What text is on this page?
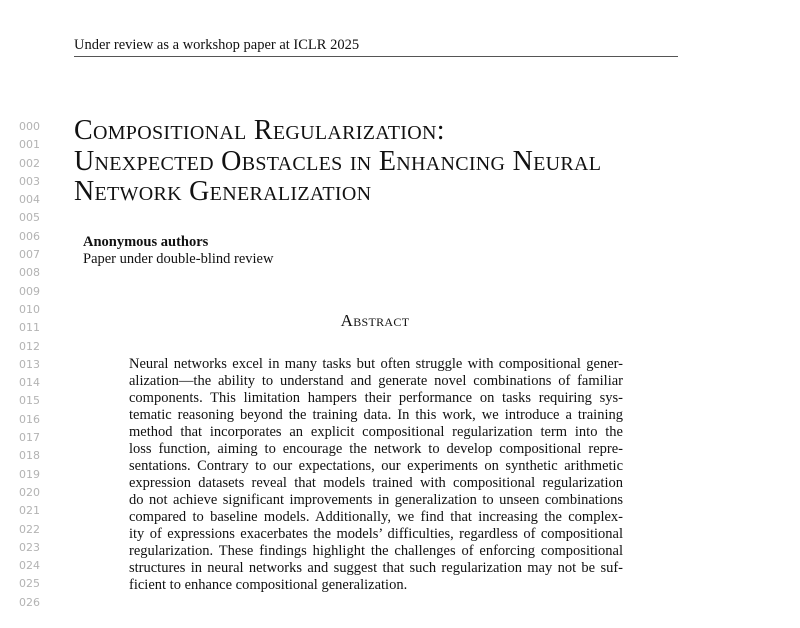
Under review as a workshop paper at ICLR 2025
000
001
002
003
004
005
006
007
008
009
010
011
012
013
014
015
016
017
018
019
020
021
022
023
024
025
026
Compositional Regularization:
Unexpected Obstacles in Enhancing Neural
Network Generalization
Anonymous authors
Paper under double-blind review
Abstract
Neural networks excel in many tasks but often struggle with compositional gener-
alization—the ability to understand and generate novel combinations of familiar
components. This limitation hampers their performance on tasks requiring sys-
tematic reasoning beyond the training data. In this work, we introduce a training
method that incorporates an explicit compositional regularization term into the
loss function, aiming to encourage the network to develop compositional repre-
sentations. Contrary to our expectations, our experiments on synthetic arithmetic
expression datasets reveal that models trained with compositional regularization
do not achieve significant improvements in generalization to unseen combinations
compared to baseline models. Additionally, we find that increasing the complex-
ity of expressions exacerbates the models’ difficulties, regardless of compositional
regularization. These findings highlight the challenges of enforcing compositional
structures in neural networks and suggest that such regularization may not be suf-
ficient to enhance compositional generalization.
